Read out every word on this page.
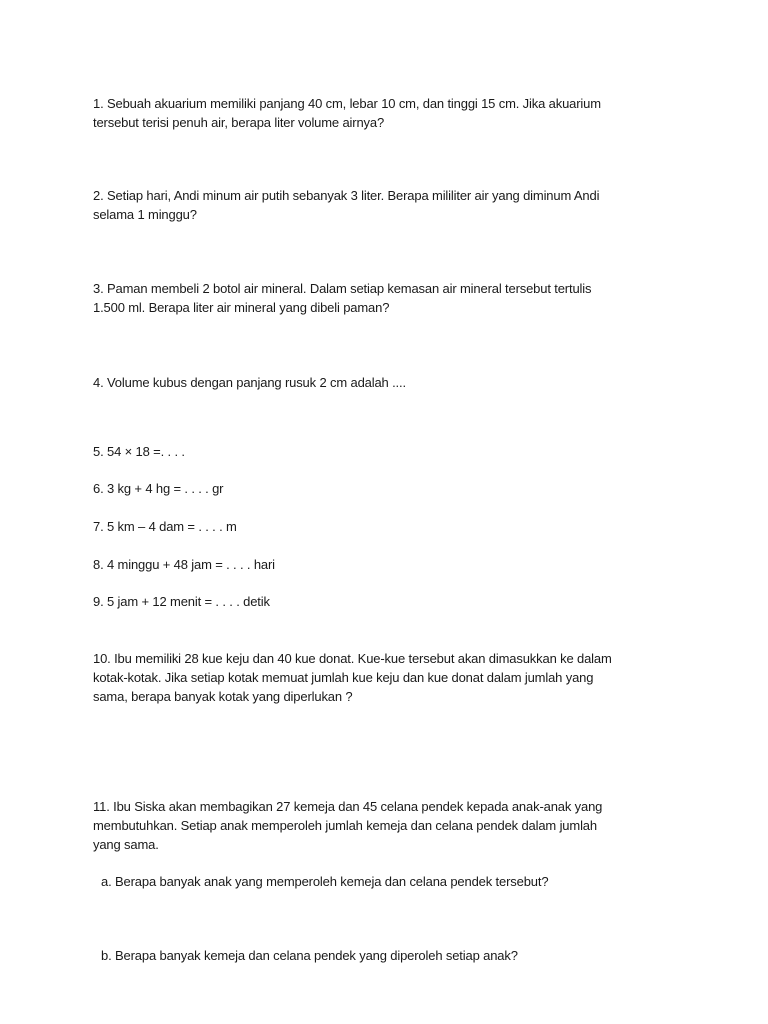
1. Sebuah akuarium memiliki panjang 40 cm, lebar 10 cm, dan tinggi 15 cm. Jika akuarium
tersebut terisi penuh air, berapa liter volume airnya?
2. Setiap hari, Andi minum air putih sebanyak 3 liter. Berapa mililiter air yang diminum Andi
selama 1 minggu?
3. Paman membeli 2 botol air mineral. Dalam setiap kemasan air mineral tersebut tertulis
1.500 ml. Berapa liter air mineral yang dibeli paman?
4. Volume kubus dengan panjang rusuk 2 cm adalah ....
5. 54 × 18 =. . . .
6. 3 kg + 4 hg = . . . . gr
7. 5 km – 4 dam = . . . . m
8. 4 minggu + 48 jam = . . . . hari
9. 5 jam + 12 menit = . . . . detik
10. Ibu memiliki 28 kue keju dan 40 kue donat. Kue-kue tersebut akan dimasukkan ke dalam
kotak-kotak. Jika setiap kotak memuat jumlah kue keju dan kue donat dalam jumlah yang
sama, berapa banyak kotak yang diperlukan ?
11. Ibu Siska akan membagikan 27 kemeja dan 45 celana pendek kepada anak-anak yang
membutuhkan. Setiap anak memperoleh jumlah kemeja dan celana pendek dalam jumlah
yang sama.
a. Berapa banyak anak yang memperoleh kemeja dan celana pendek tersebut?
b. Berapa banyak kemeja dan celana pendek yang diperoleh setiap anak?
